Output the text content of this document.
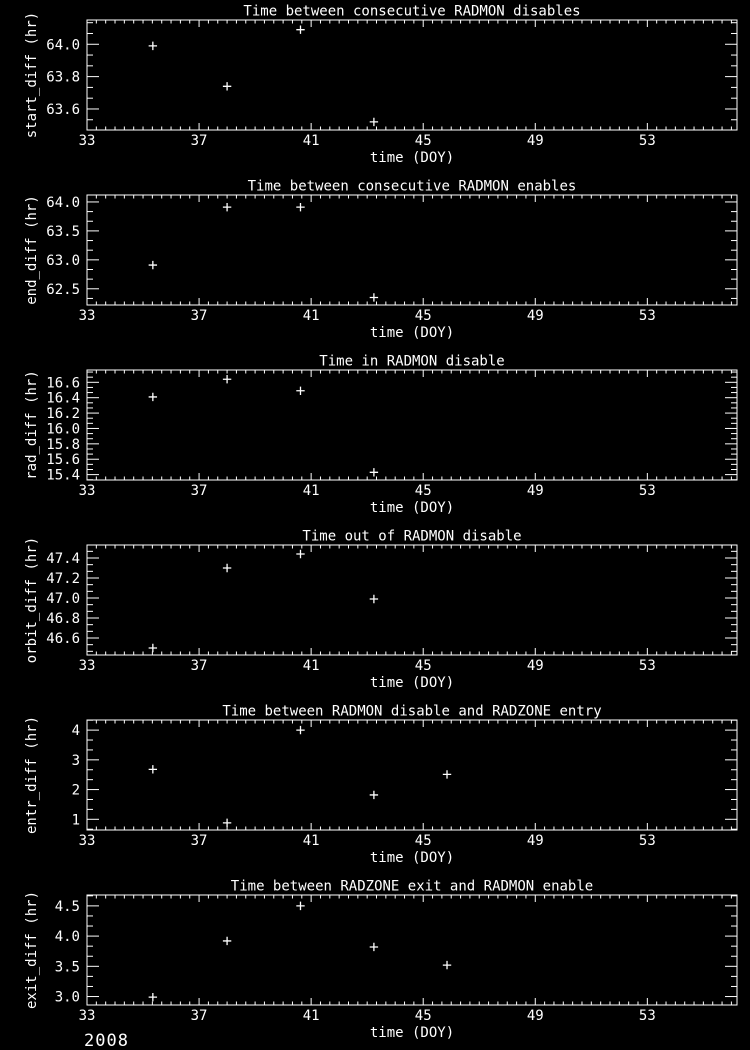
33	37	41	45	49	53
63.6
63.8
64.0
Time between consecutive RADMON disables
time (DOY)
start_diff (hr)
33	37	41	45	49	53
62.5
63.0
63.5
64.0
Time between consecutive RADMON enables
time (DOY)
end_diff (hr)
33	37	41	45	49	53
15.4
15.6
15.8
16.0
16.2
16.4
16.6
Time in RADMON disable
time (DOY)
rad_diff (hr)
33	37	41	45	49	53
46.6
46.8
47.0
47.2
47.4
Time out of RADMON disable
time (DOY)
orbit_diff (hr)
33	37	41	45	49	53
1
2
3
4
Time between RADMON disable and RADZONE entry
time (DOY)
entr_diff (hr)
33	37	41	45	49	53
3.0
3.5
4.0
4.5
Time between RADZONE exit and RADMON enable
time (DOY)
exit_diff (hr)
2008
